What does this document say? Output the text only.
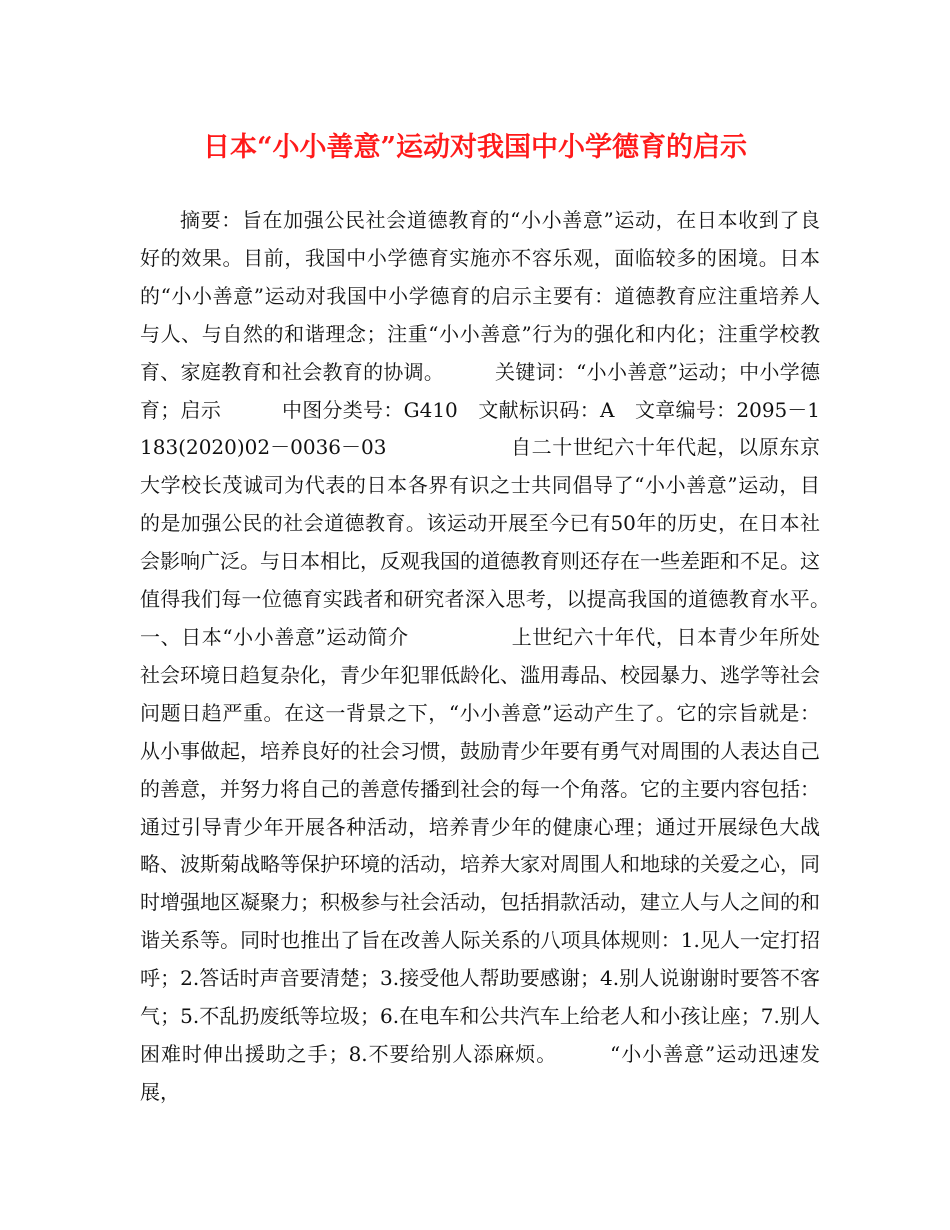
日本“小小善意”运动对我国中小学德育的启示

摘要：旨在加强公民社会道德教育的“小小善意”运动，在日本收到了良好的效果。目前，我国中小学德育实施亦不容乐观，面临较多的困境。日本的“小小善意”运动对我国中小学德育的启示主要有：道德教育应注重培养人与人、与自然的和谐理念；注重“小小善意”行为的强化和内化；注重学校教育、家庭教育和社会教育的协调。　　　关键词：“小小善意”运动；中小学德育；启示　　　中图分类号：G410　文献标识码：A　文章编号：2095－1183(2020)02－0036－03　　　　　　自二十世纪六十年代起，以原东京大学校长茂诚司为代表的日本各界有识之士共同倡导了“小小善意”运动，目的是加强公民的社会道德教育。该运动开展至今已有50年的历史，在日本社会影响广泛。与日本相比，反观我国的道德教育则还存在一些差距和不足。这值得我们每一位德育实践者和研究者深入思考，以提高我国的道德教育水平。　　　一、日本“小小善意”运动简介　　　　　上世纪六十年代，日本青少年所处社会环境日趋复杂化，青少年犯罪低龄化、滥用毒品、校园暴力、逃学等社会问题日趋严重。在这一背景之下，“小小善意”运动产生了。它的宗旨就是：从小事做起，培养良好的社会习惯，鼓励青少年要有勇气对周围的人表达自己的善意，并努力将自己的善意传播到社会的每一个角落。它的主要内容包括：通过引导青少年开展各种活动，培养青少年的健康心理；通过开展绿色大战略、波斯菊战略等保护环境的活动，培养大家对周围人和地球的关爱之心，同时增强地区凝聚力；积极参与社会活动，包括捐款活动，建立人与人之间的和谐关系等。同时也推出了旨在改善人际关系的八项具体规则：1.见人一定打招呼；2.答话时声音要清楚；3.接受他人帮助要感谢；4.别人说谢谢时要答不客气；5.不乱扔废纸等垃圾；6.在电车和公共汽车上给老人和小孩让座；7.别人困难时伸出援助之手；8.不要给别人添麻烦。　　　“小小善意”运动迅速发展，
